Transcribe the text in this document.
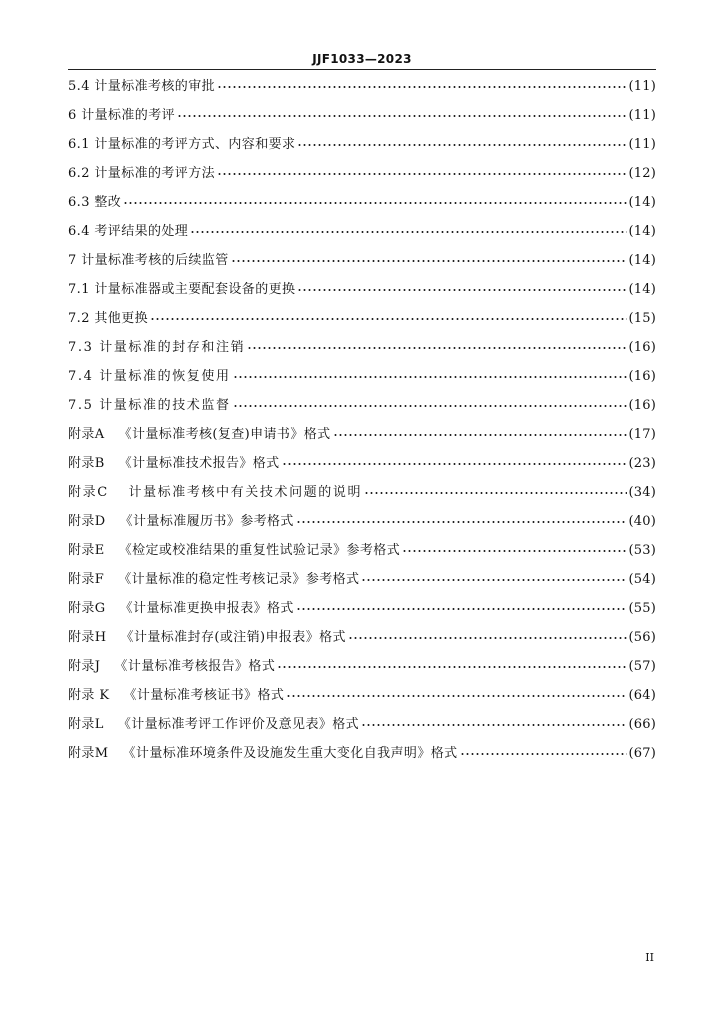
JJF1033—2023
5.4 计量标准考核的审批	(11)
6 计量标准的考评	(11)
6.1 计量标准的考评方式、内容和要求	(11)
6.2 计量标准的考评方法	(12)
6.3 整改	(14)
6.4 考评结果的处理	(14)
7 计量标准考核的后续监管	(14)
7.1 计量标准器或主要配套设备的更换	(14)
7.2 其他更换	(15)
7.3 计量标准的封存和注销	(16)
7.4 计量标准的恢复使用	(16)
7.5 计量标准的技术监督	(16)
附录A 《计量标准考核(复查)申请书》格式	(17)
附录B 《计量标准技术报告》格式	(23)
附录C 计量标准考核中有关技术问题的说明	(34)
附录D 《计量标准履历书》参考格式	(40)
附录E 《检定或校准结果的重复性试验记录》参考格式	(53)
附录F 《计量标准的稳定性考核记录》参考格式	(54)
附录G 《计量标准更换申报表》格式	(55)
附录H 《计量标准封存(或注销)申报表》格式	(56)
附录J 《计量标准考核报告》格式	(57)
附录 K 《计量标准考核证书》格式	(64)
附录L 《计量标准考评工作评价及意见表》格式	(66)
附录M 《计量标准环境条件及设施发生重大变化自我声明》格式	(67)
II
